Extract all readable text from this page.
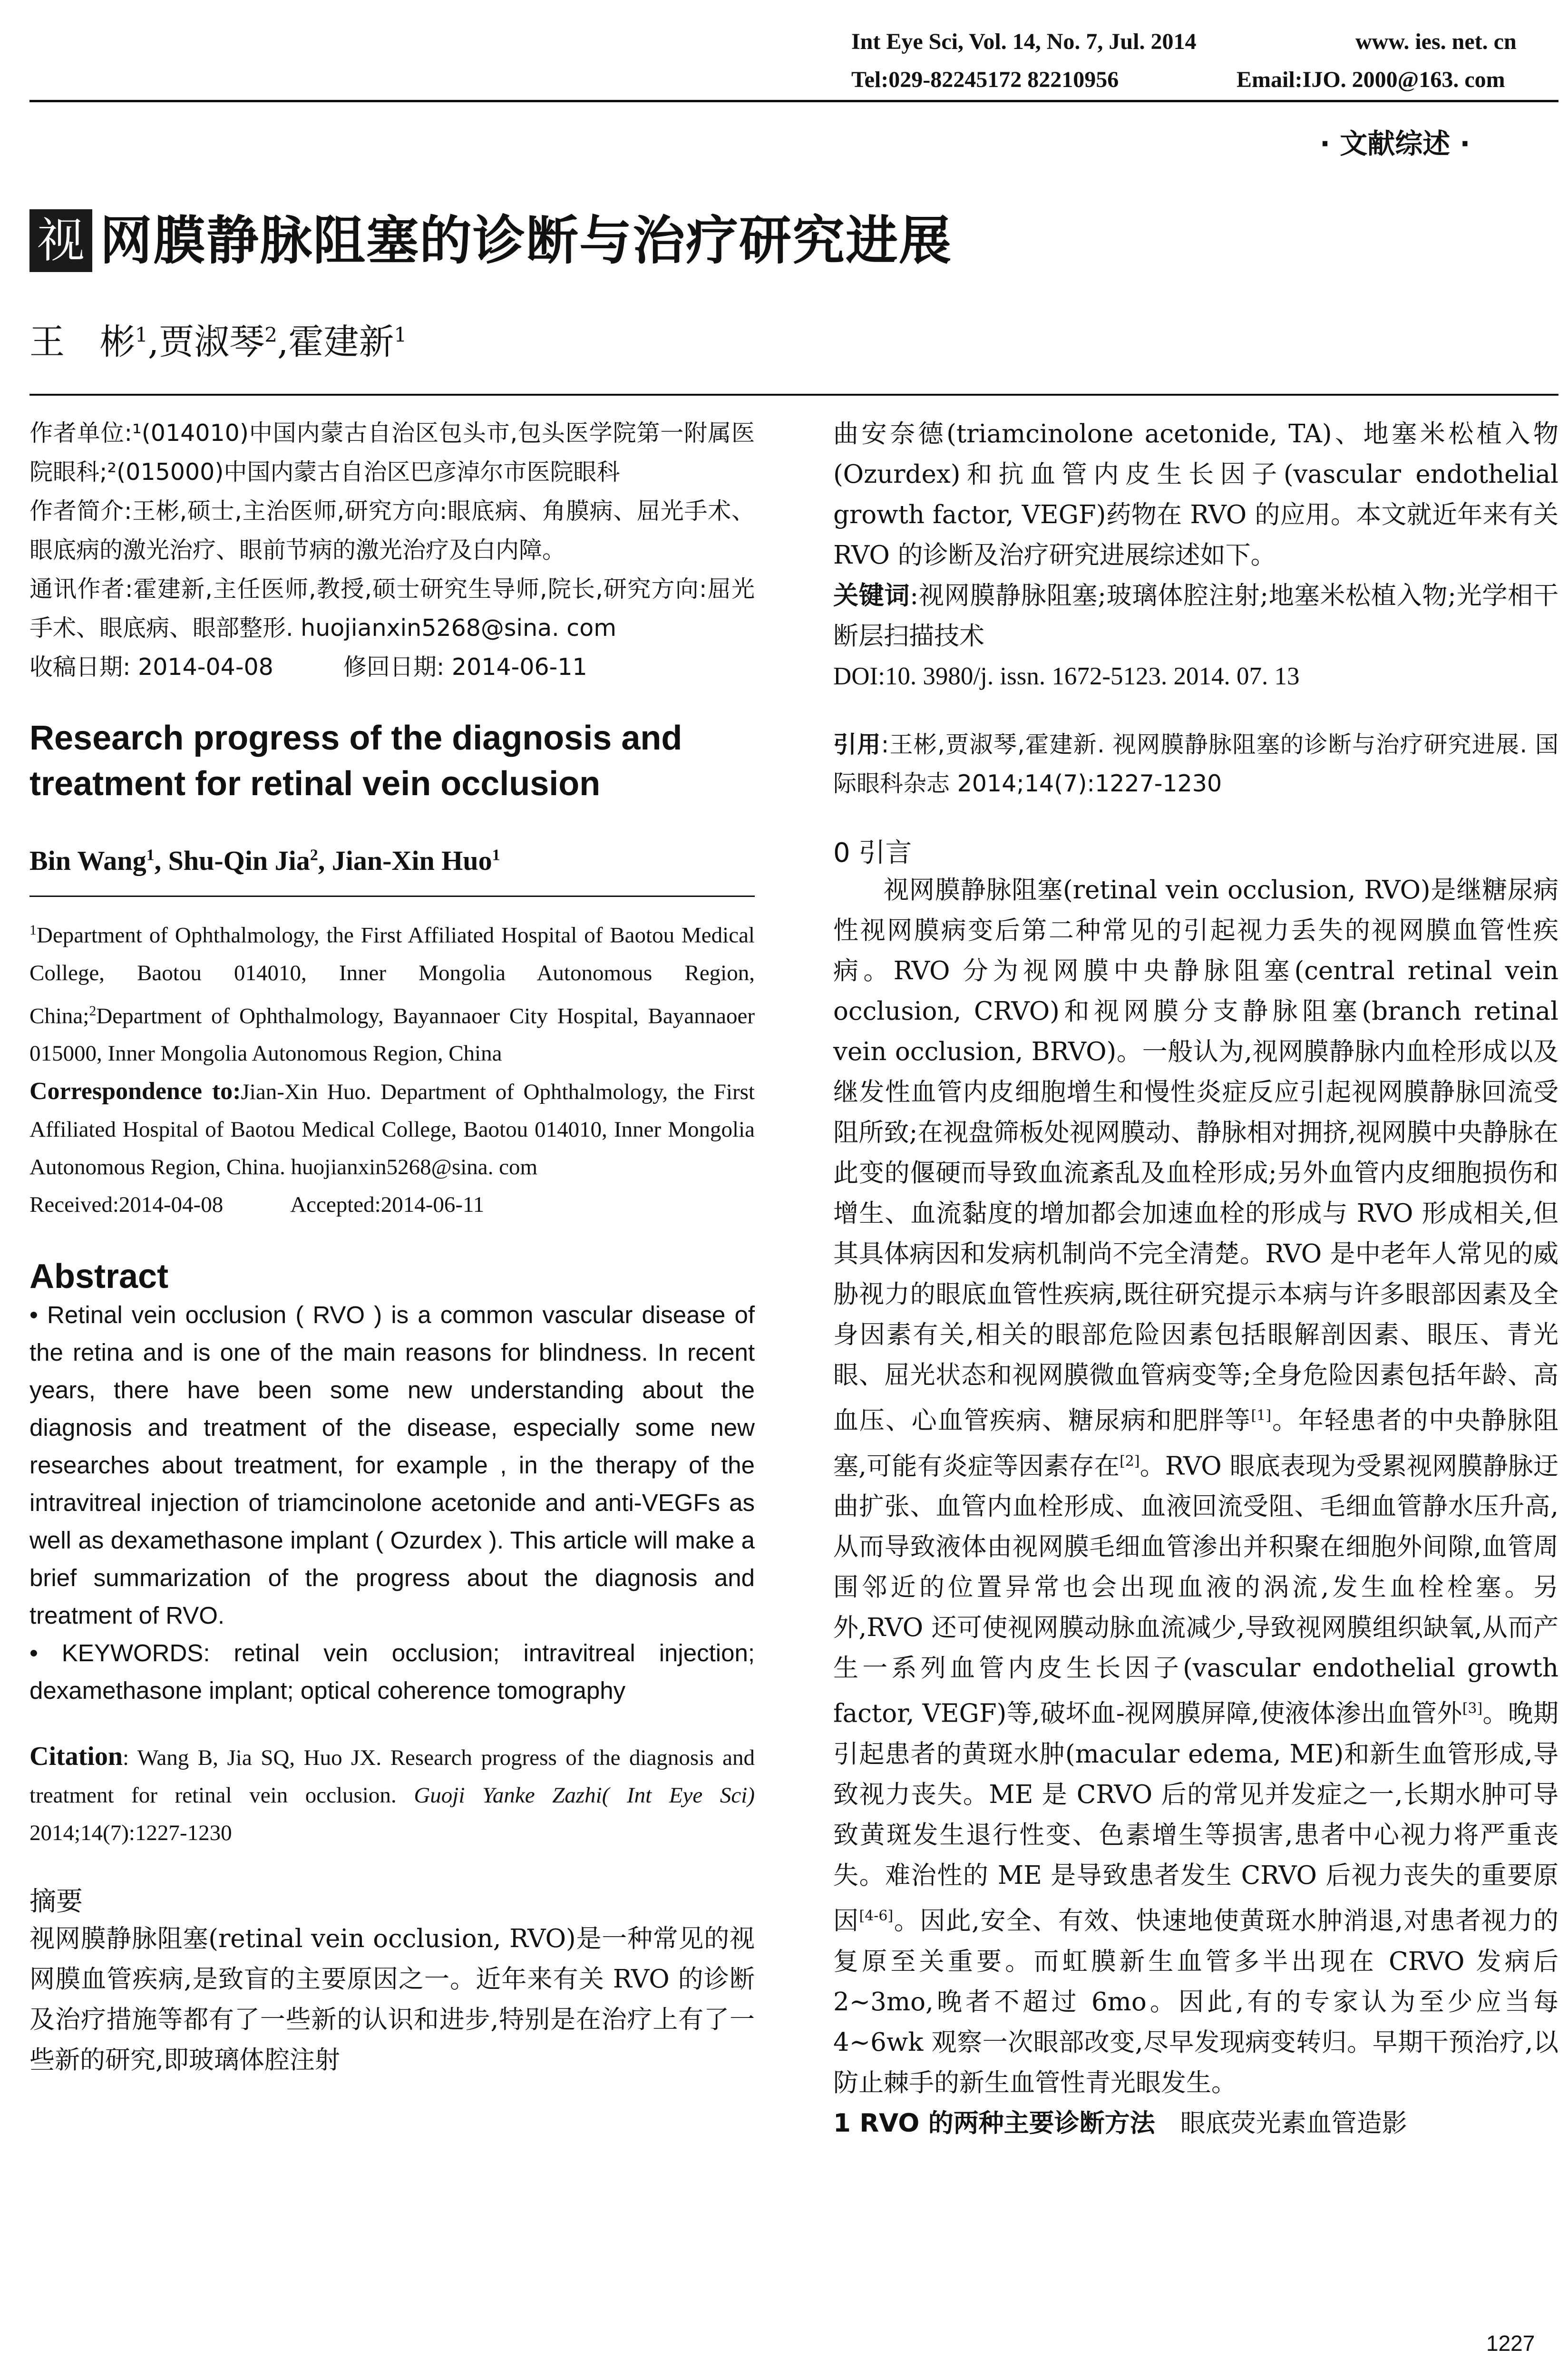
Int Eye Sci, Vol. 14, No. 7, Jul. 2014	www. ies. net. cn
Tel:029-82245172 82210956	Email:IJO. 2000@163. com
· 文献综述 ·
视 网膜静脉阻塞的诊断与治疗研究进展
王　彬$^1$,贾淑琴$^2$,霍建新$^1$

作者单位:¹(014010)中国内蒙古自治区包头市,包头医学院第一附属医院眼科;²(015000)中国内蒙古自治区巴彦淖尔市医院眼科

作者简介:王彬,硕士,主治医师,研究方向:眼底病、角膜病、屈光手术、眼底病的激光治疗、眼前节病的激光治疗及白内障。

通讯作者:霍建新,主任医师,教授,硕士研究生导师,院长,研究方向:屈光手术、眼底病、眼部整形. huojianxin5268@sina. com

收稿日期: 2014-04-08　　　修回日期: 2014-06-11

Research progress of the diagnosis and treatment for retinal vein occlusion
Bin Wang$^1$, Shu-Qin Jia$^2$, Jian-Xin Huo$^1$

$^1$Department of Ophthalmology, the First Affiliated Hospital of Baotou Medical College, Baotou 014010, Inner Mongolia Autonomous Region, China;$^2$Department of Ophthalmology, Bayannaoer City Hospital, Bayannaoer 015000, Inner Mongolia Autonomous Region, China

Correspondence to:Jian-Xin Huo. Department of Ophthalmology, the First Affiliated Hospital of Baotou Medical College, Baotou 014010, Inner Mongolia Autonomous Region, China. huojianxin5268@sina. com

Received:2014-04-08　　　Accepted:2014-06-11

Abstract

• Retinal vein occlusion ( RVO ) is a common vascular disease of the retina and is one of the main reasons for blindness. In recent years, there have been some new understanding about the diagnosis and treatment of the disease, especially some new researches about treatment, for example , in the therapy of the intravitreal injection of triamcinolone acetonide and anti-VEGFs as well as dexamethasone implant ( Ozurdex ). This article will make a brief summarization of the progress about the diagnosis and treatment of RVO.

• KEYWORDS: retinal vein occlusion; intravitreal injection; dexamethasone implant; optical coherence tomography

Citation: Wang B, Jia SQ, Huo JX. Research progress of the diagnosis and treatment for retinal vein occlusion. Guoji Yanke Zazhi( Int Eye Sci) 2014;14(7):1227-1230

摘要

视网膜静脉阻塞(retinal vein occlusion, RVO)是一种常见的视网膜血管疾病,是致盲的主要原因之一。近年来有关 RVO 的诊断及治疗措施等都有了一些新的认识和进步,特别是在治疗上有了一些新的研究,即玻璃体腔注射

曲安奈德(triamcinolone acetonide, TA)、地塞米松植入物(Ozurdex)和抗血管内皮生长因子(vascular endothelial growth factor, VEGF)药物在 RVO 的应用。本文就近年来有关 RVO 的诊断及治疗研究进展综述如下。

关键词:视网膜静脉阻塞;玻璃体腔注射;地塞米松植入物;光学相干断层扫描技术

DOI:10. 3980/j. issn. 1672-5123. 2014. 07. 13

引用:王彬,贾淑琴,霍建新. 视网膜静脉阻塞的诊断与治疗研究进展. 国际眼科杂志 2014;14(7):1227-1230

0 引言

视网膜静脉阻塞(retinal vein occlusion, RVO)是继糖尿病性视网膜病变后第二种常见的引起视力丢失的视网膜血管性疾病。RVO 分为视网膜中央静脉阻塞(central retinal vein occlusion, CRVO)和视网膜分支静脉阻塞(branch retinal vein occlusion, BRVO)。一般认为,视网膜静脉内血栓形成以及继发性血管内皮细胞增生和慢性炎症反应引起视网膜静脉回流受阻所致;在视盘筛板处视网膜动、静脉相对拥挤,视网膜中央静脉在此变的偃硬而导致血流紊乱及血栓形成;另外血管内皮细胞损伤和增生、血流黏度的增加都会加速血栓的形成与 RVO 形成相关,但其具体病因和发病机制尚不完全清楚。RVO 是中老年人常见的威胁视力的眼底血管性疾病,既往研究提示本病与许多眼部因素及全身因素有关,相关的眼部危险因素包括眼解剖因素、眼压、青光眼、屈光状态和视网膜微血管病变等;全身危险因素包括年龄、高血压、心血管疾病、糖尿病和肥胖等[1]。年轻患者的中央静脉阻塞,可能有炎症等因素存在[2]。RVO 眼底表现为受累视网膜静脉迂曲扩张、血管内血栓形成、血液回流受阻、毛细血管静水压升高,从而导致液体由视网膜毛细血管渗出并积聚在细胞外间隙,血管周围邻近的位置异常也会出现血液的涡流,发生血栓栓塞。另外,RVO 还可使视网膜动脉血流减少,导致视网膜组织缺氧,从而产生一系列血管内皮生长因子(vascular endothelial growth factor, VEGF)等,破坏血-视网膜屏障,使液体渗出血管外[3]。晚期引起患者的黄斑水肿(macular edema, ME)和新生血管形成,导致视力丧失。ME 是 CRVO 后的常见并发症之一,长期水肿可导致黄斑发生退行性变、色素增生等损害,患者中心视力将严重丧失。难治性的 ME 是导致患者发生 CRVO 后视力丧失的重要原因[4-6]。因此,安全、有效、快速地使黄斑水肿消退,对患者视力的复原至关重要。而虹膜新生血管多半出现在 CRVO 发病后 2~3mo,晚者不超过 6mo。因此,有的专家认为至少应当每 4~6wk 观察一次眼部改变,尽早发现病变转归。早期干预治疗,以防止棘手的新生血管性青光眼发生。

1 RVO 的两种主要诊断方法　眼底荧光素血管造影

1227
